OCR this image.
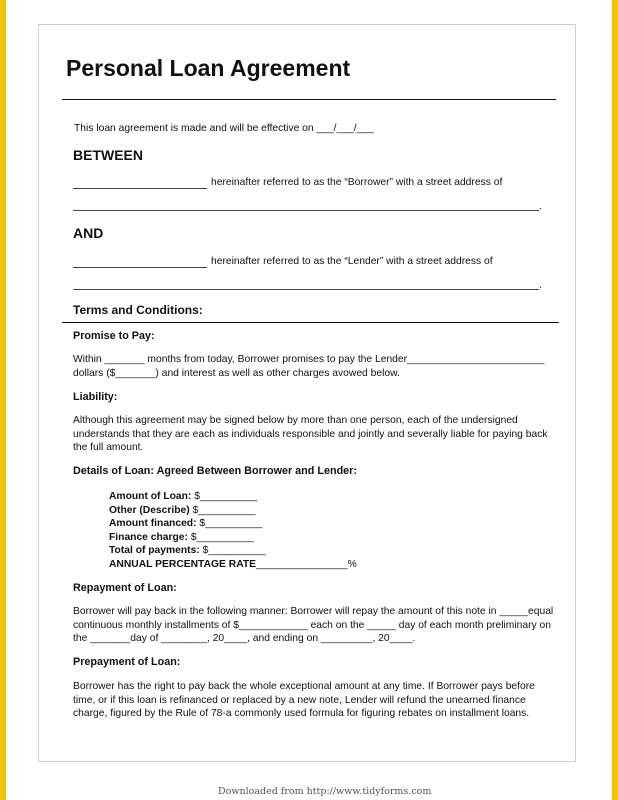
Personal Loan Agreement
This loan agreement is made and will be effective on ___/___/___
BETWEEN
hereinafter referred to as the “Borrower” with a street address of
.
AND
hereinafter referred to as the “Lender” with a street address of
.
Terms and Conditions:
Promise to Pay:
Within _______ months from today, Borrower promises to pay the Lender________________________
dollars ($_______) and interest as well as other charges avowed below.
Liability:
Although this agreement may be signed below by more than one person, each of the undersigned
understands that they are each as individuals responsible and jointly and severally liable for paying back
the full amount.
Details of Loan: Agreed Between Borrower and Lender:
Amount of Loan: $__________
Other (Describe) $__________
Amount financed: $__________
Finance charge: $__________
Total of payments: $__________
ANNUAL PERCENTAGE RATE________________%
Repayment of Loan:
Borrower will pay back in the following manner: Borrower will repay the amount of this note in _____equal
continuous monthly installments of $____________ each on the _____ day of each month preliminary on
the _______day of ________, 20____, and ending on _________, 20____.
Prepayment of Loan:
Borrower has the right to pay back the whole exceptional amount at any time. If Borrower pays before
time, or if this loan is refinanced or replaced by a new note, Lender will refund the unearned finance
charge, figured by the Rule of 78-a commonly used formula for figuring rebates on installment loans.
Downloaded from http://www.tidyforms.com
